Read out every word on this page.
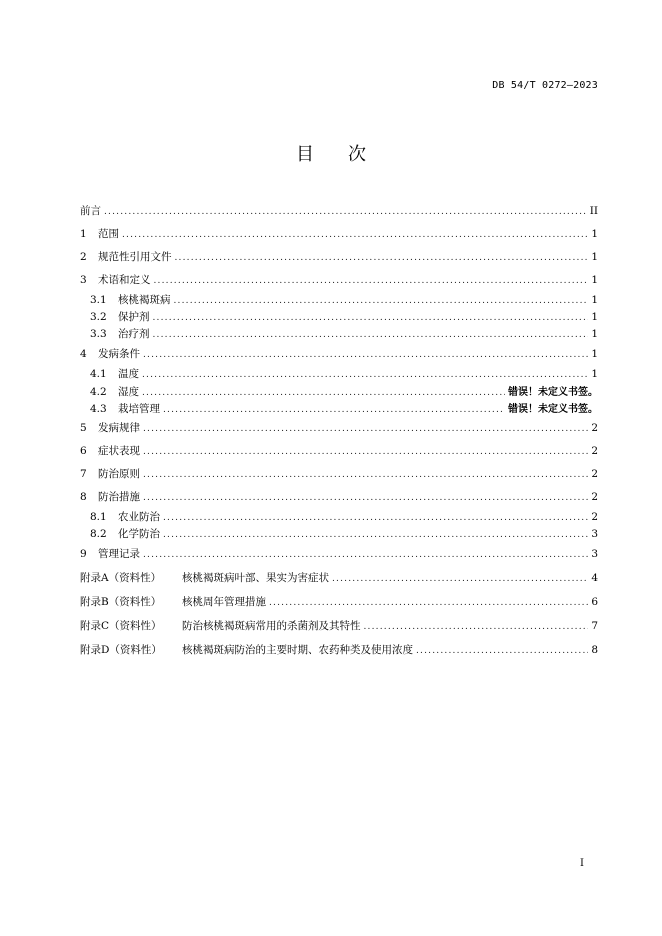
DB 54/T 0272—2023
目 次
前言 .....	II
1	范围 .....	1
2	规范性引用文件 .....	1
3	术语和定义 .....	1
3.1	核桃褐斑病 .....	1
3.2	保护剂 .....	1
3.3	治疗剂 .....	1
4	发病条件 .....	1
4.1	温度 .....	1
4.2	湿度 .....	错误！未定义书签。
4.3	栽培管理 .....	错误！未定义书签。
5	发病规律 .....	2
6	症状表现 .....	2
7	防治原则 .....	2
8	防治措施 .....	2
8.1	农业防治 .....	2
8.2	化学防治 .....	3
9	管理记录 .....	3
附录A（资料性）	核桃褐斑病叶部、果实为害症状 .....	4
附录B（资料性）	核桃周年管理措施 .....	6
附录C（资料性）	防治核桃褐斑病常用的杀菌剂及其特性 .....	7
附录D（资料性）	核桃褐斑病防治的主要时期、农药种类及使用浓度 .....	8
I
